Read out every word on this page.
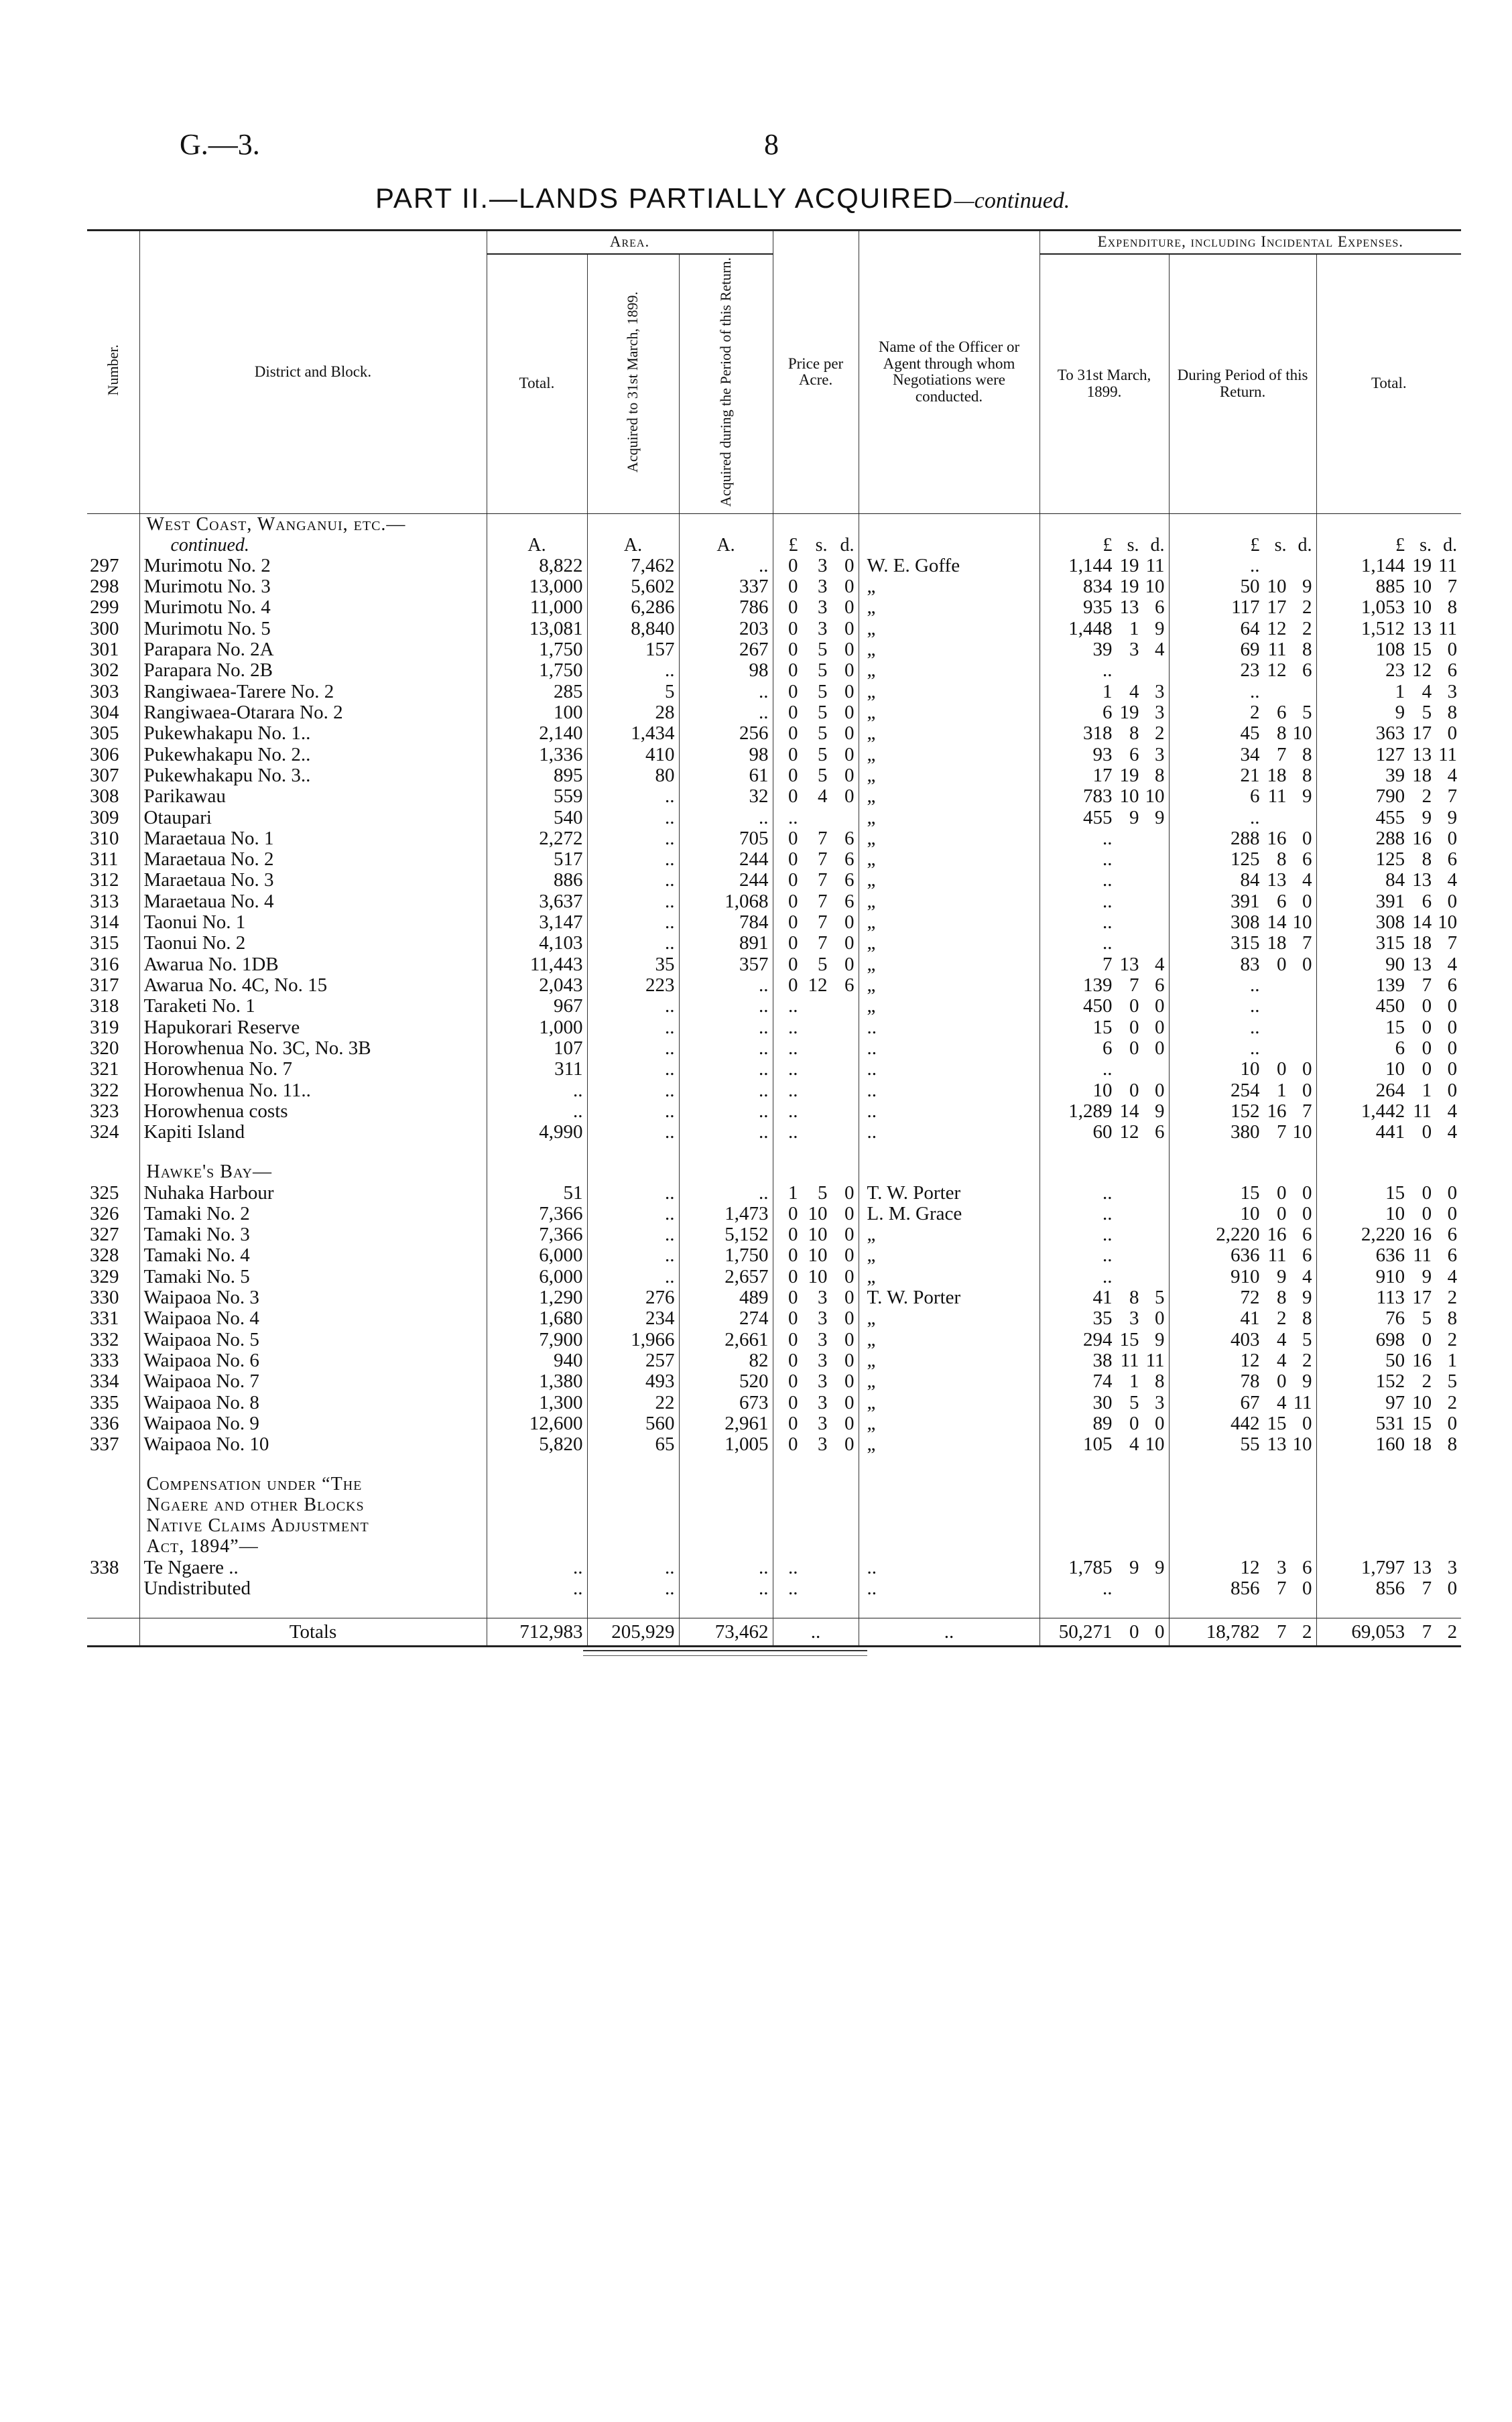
G.—3.	8
PART II.—LANDS PARTIALLY ACQUIRED—continued.
Number.	District and Block.	Area.			Price per Acre.	Name of the Officer or Agent through whom Negotiations were conducted.	Expenditure, including Incidental Expenses.		
		Total.	Acquired to 31st March, 1899.	Acquired during the Period of this Return.			To 31st March, 1899.	During Period of this Return.	Total.
	West Coast, Wanganui, etc.—								
	continued.	A.	A.	A.	£ s. d.		£ s. d.	£ s. d.	£ s. d.
297	Murimotu No. 2	8,822	7,462	..	0 3 0	W. E. Goffe	1,144 19 11	..	1,144 19 11
298	Murimotu No. 3	13,000	5,602	337	0 3 0	„	834 19 10	50 10 9	885 10 7
299	Murimotu No. 4	11,000	6,286	786	0 3 0	„	935 13 6	117 17 2	1,053 10 8
300	Murimotu No. 5	13,081	8,840	203	0 3 0	„	1,448 1 9	64 12 2	1,512 13 11
301	Parapara No. 2A	1,750	157	267	0 5 0	„	39 3 4	69 11 8	108 15 0
302	Parapara No. 2B	1,750	..	98	0 5 0	„	..	23 12 6	23 12 6
303	Rangiwaea-Tarere No. 2	285	5	..	0 5 0	„	1 4 3	..	1 4 3
304	Rangiwaea-Otarara No. 2	100	28	..	0 5 0	„	6 19 3	2 6 5	9 5 8
305	Pukewhakapu No. 1..	2,140	1,434	256	0 5 0	„	318 8 2	45 8 10	363 17 0
306	Pukewhakapu No. 2..	1,336	410	98	0 5 0	„	93 6 3	34 7 8	127 13 11
307	Pukewhakapu No. 3..	895	80	61	0 5 0	„	17 19 8	21 18 8	39 18 4
308	Parikawau	559	..	32	0 4 0	„	783 10 10	6 11 9	790 2 7
309	Otaupari	540	..	..	..	„	455 9 9	..	455 9 9
310	Maraetaua No. 1	2,272	..	705	0 7 6	„	..	288 16 0	288 16 0
311	Maraetaua No. 2	517	..	244	0 7 6	„	..	125 8 6	125 8 6
312	Maraetaua No. 3	886	..	244	0 7 6	„	..	84 13 4	84 13 4
313	Maraetaua No. 4	3,637	..	1,068	0 7 6	„	..	391 6 0	391 6 0
314	Taonui No. 1	3,147	..	784	0 7 0	„	..	308 14 10	308 14 10
315	Taonui No. 2	4,103	..	891	0 7 0	„	..	315 18 7	315 18 7
316	Awarua No. 1DB	11,443	35	357	0 5 0	„	7 13 4	83 0 0	90 13 4
317	Awarua No. 4C, No. 15	2,043	223	..	0 12 6	„	139 7 6	..	139 7 6
318	Taraketi No. 1	967	..	..	..	„	450 0 0	..	450 0 0
319	Hapukorari Reserve	1,000	..	..	..	..	15 0 0	..	15 0 0
320	Horowhenua No. 3C, No. 3B	107	..	..	..	..	6 0 0	..	6 0 0
321	Horowhenua No. 7	311	..	..	..	..	..	10 0 0	10 0 0
322	Horowhenua No. 11..	..	..	..	..	..	10 0 0	254 1 0	264 1 0
323	Horowhenua costs	..	..	..	..	..	1,289 14 9	152 16 7	1,442 11 4
324	Kapiti Island	4,990	..	..	..	..	60 12 6	380 7 10	441 0 4

	Hawke's Bay—								
325	Nuhaka Harbour	51	..	..	1 5 0	T. W. Porter	..	15 0 0	15 0 0
326	Tamaki No. 2	7,366	..	1,473	0 10 0	L. M. Grace	..	10 0 0	10 0 0
327	Tamaki No. 3	7,366	..	5,152	0 10 0	„	..	2,220 16 6	2,220 16 6
328	Tamaki No. 4	6,000	..	1,750	0 10 0	„	..	636 11 6	636 11 6
329	Tamaki No. 5	6,000	..	2,657	0 10 0	„	..	910 9 4	910 9 4
330	Waipaoa No. 3	1,290	276	489	0 3 0	T. W. Porter	41 8 5	72 8 9	113 17 2
331	Waipaoa No. 4	1,680	234	274	0 3 0	„	35 3 0	41 2 8	76 5 8
332	Waipaoa No. 5	7,900	1,966	2,661	0 3 0	„	294 15 9	403 4 5	698 0 2
333	Waipaoa No. 6	940	257	82	0 3 0	„	38 11 11	12 4 2	50 16 1
334	Waipaoa No. 7	1,380	493	520	0 3 0	„	74 1 8	78 0 9	152 2 5
335	Waipaoa No. 8	1,300	22	673	0 3 0	„	30 5 3	67 4 11	97 10 2
336	Waipaoa No. 9	12,600	560	2,961	0 3 0	„	89 0 0	442 15 0	531 15 0
337	Waipaoa No. 10	5,820	65	1,005	0 3 0	„	105 4 10	55 13 10	160 18 8

	Compensation under “The								
	Ngaere and other Blocks								
	Native Claims Adjustment								
	Act, 1894”—								
338	Te Ngaere ..	..	..	..	..	..	1,785 9 9	12 3 6	1,797 13 3
	Undistributed	..	..	..	..	..	..	856 7 0	856 7 0

	Totals	712,983	205,929	73,462	..	..	50,271 0 0	18,782 7 2	69,053 7 2
